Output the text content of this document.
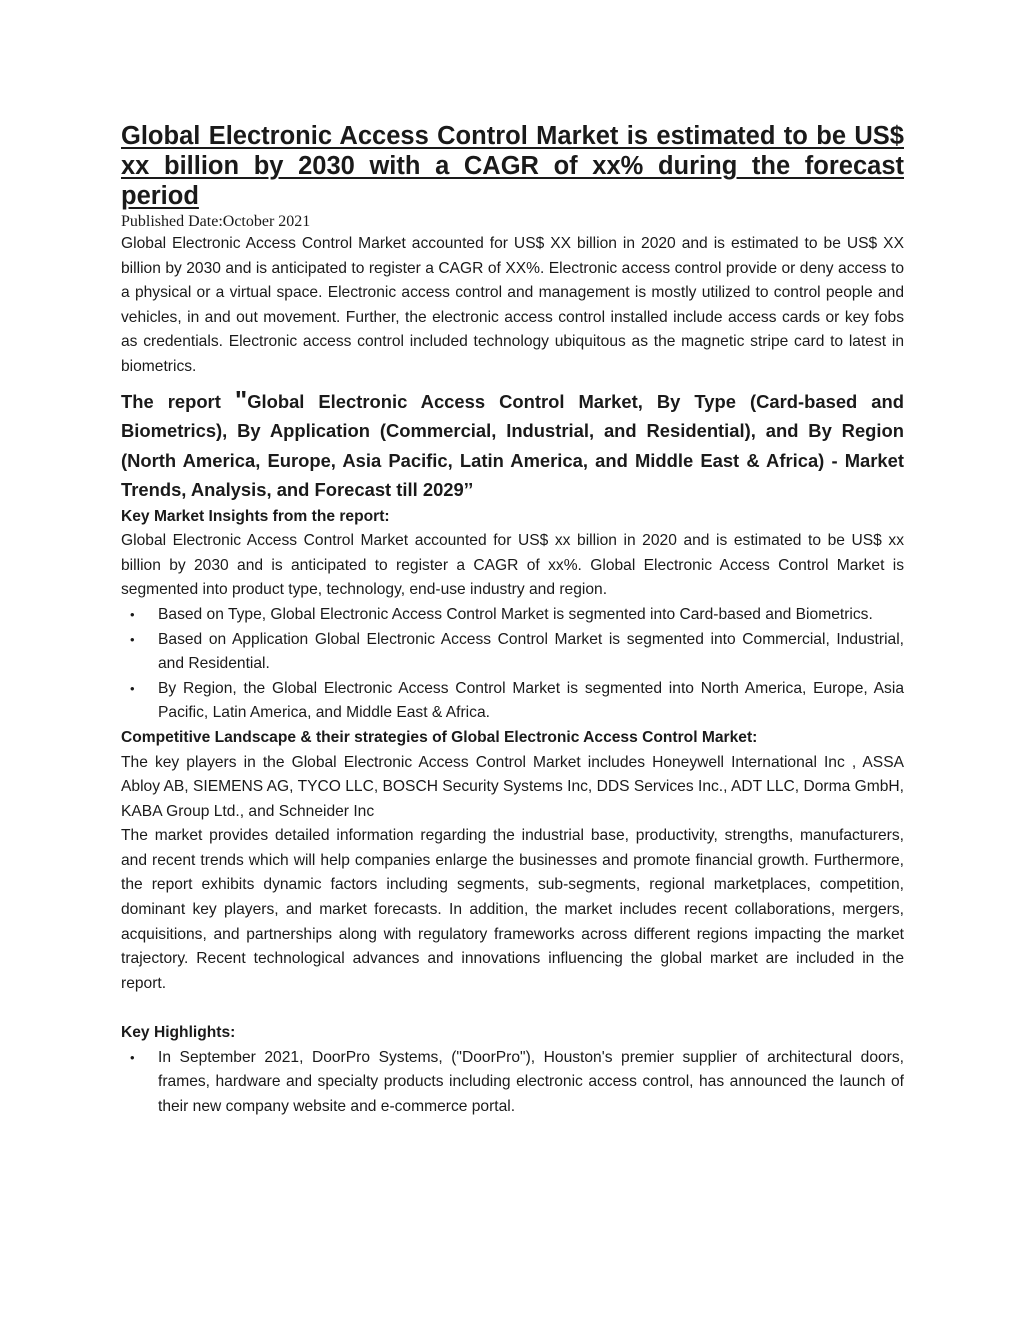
Global Electronic Access Control Market is estimated to be US$ xx billion by 2030 with a CAGR of xx% during the forecast period

Published Date:October 2021

Global Electronic Access Control Market accounted for US$ XX billion in 2020 and is estimated to be US$ XX billion by 2030 and is anticipated to register a CAGR of XX%. Electronic access control provide or deny access to a physical or a virtual space. Electronic access control and management is mostly utilized to control people and vehicles, in and out movement. Further, the electronic access control installed include access cards or key fobs as credentials. Electronic access control included technology ubiquitous as the magnetic stripe card to latest in biometrics.

The report "Global Electronic Access Control Market, By Type (Card-based and Biometrics), By Application (Commercial, Industrial, and Residential), and By Region (North America, Europe, Asia Pacific, Latin America, and Middle East & Africa) - Market Trends, Analysis, and Forecast till 2029’’

Key Market Insights from the report:

Global Electronic Access Control Market accounted for US$ xx billion in 2020 and is estimated to be US$ xx billion by 2030 and is anticipated to register a CAGR of xx%. Global Electronic Access Control Market is segmented into product type, technology, end-use industry and region.

• Based on Type, Global Electronic Access Control Market is segmented into Card-based and Biometrics.
• Based on Application Global Electronic Access Control Market is segmented into Commercial, Industrial, and Residential.
• By Region, the Global Electronic Access Control Market is segmented into North America, Europe, Asia Pacific, Latin America, and Middle East & Africa.

Competitive Landscape & their strategies of Global Electronic Access Control Market:

The key players in the Global Electronic Access Control Market includes Honeywell International Inc , ASSA Abloy AB, SIEMENS AG, TYCO LLC, BOSCH Security Systems Inc, DDS Services Inc., ADT LLC, Dorma GmbH, KABA Group Ltd., and Schneider Inc

The market provides detailed information regarding the industrial base, productivity, strengths, manufacturers, and recent trends which will help companies enlarge the businesses and promote financial growth. Furthermore, the report exhibits dynamic factors including segments, sub-segments, regional marketplaces, competition, dominant key players, and market forecasts. In addition, the market includes recent collaborations, mergers, acquisitions, and partnerships along with regulatory frameworks across different regions impacting the market trajectory. Recent technological advances and innovations influencing the global market are included in the report.

Key Highlights:

• In September 2021, DoorPro Systems, ("DoorPro"), Houston's premier supplier of architectural doors, frames, hardware and specialty products including electronic access control, has announced the launch of their new company website and e-commerce portal.
